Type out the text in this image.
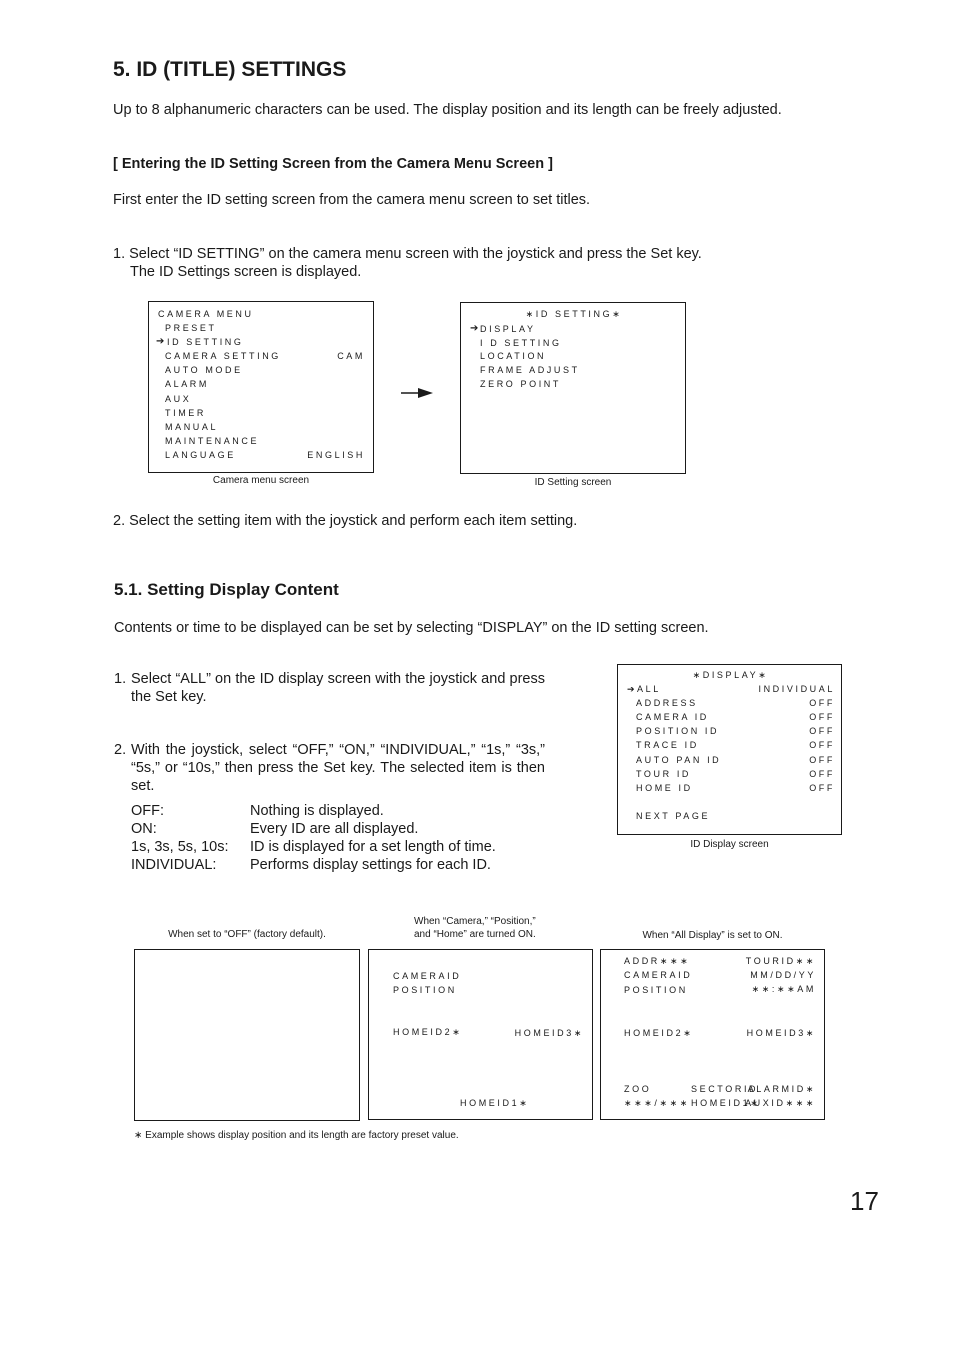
5. ID (TITLE) SETTINGS
Up to 8 alphanumeric characters can be used. The display position and its length can be freely adjusted.
[ Entering the ID Setting Screen from the Camera Menu Screen ]
First enter the ID setting screen from the camera menu screen to set titles.
1. Select “ID SETTING” on the camera menu screen with the joystick and press the Set key.
The ID Settings screen is displayed.
CAMERA MENU
PRESET
➔ ID SETTING
CAMERA SETTING	CAM
AUTO MODE
ALARM
AUX
TIMER
MANUAL
MAINTENANCE
LANGUAGE	ENGLISH
Camera menu screen
∗ID SETTING∗
➔ DISPLAY
I D SETTING
LOCATION
FRAME ADJUST
ZERO POINT
ID Setting screen
2. Select the setting item with the joystick and perform each item setting.
5.1. Setting Display Content
Contents or time to be displayed can be set by selecting “DISPLAY” on the ID setting screen.
1. Select “ALL” on the ID display screen with the joystick and press the Set key.
2. With the joystick, select “OFF,” “ON,” “INDIVIDUAL,” “1s,” “3s,” “5s,” or “10s,” then press the Set key. The selected item is then set.
OFF:	Nothing is displayed.
ON:	Every ID are all displayed.
1s, 3s, 5s, 10s: ID is displayed for a set length of time.
INDIVIDUAL: Performs display settings for each ID.
∗DISPLAY∗
➔ ALL	INDIVIDUAL
ADDRESS	OFF
CAMERA ID	OFF
POSITION ID	OFF
TRACE ID	OFF
AUTO PAN ID	OFF
TOUR ID	OFF
HOME ID	OFF
NEXT PAGE
ID Display screen
When set to “OFF” (factory default).
When “Camera,” “Position,”
and “Home” are turned ON.	When “All Display” is set to ON.
CAMERAID
POSITION
HOMEID2∗	HOMEID3∗
HOMEID1∗
ADDR∗∗∗	TOURID∗∗
CAMERAID	MM/DD/YY
POSITION	∗∗:∗∗AM
HOMEID2∗	HOMEID3∗
ZOO	SECTORID
ALARMID∗
∗∗∗/∗∗∗ HOMEID1∗
AUXID∗∗∗
∗ Example shows display position and its length are factory preset value.
17
